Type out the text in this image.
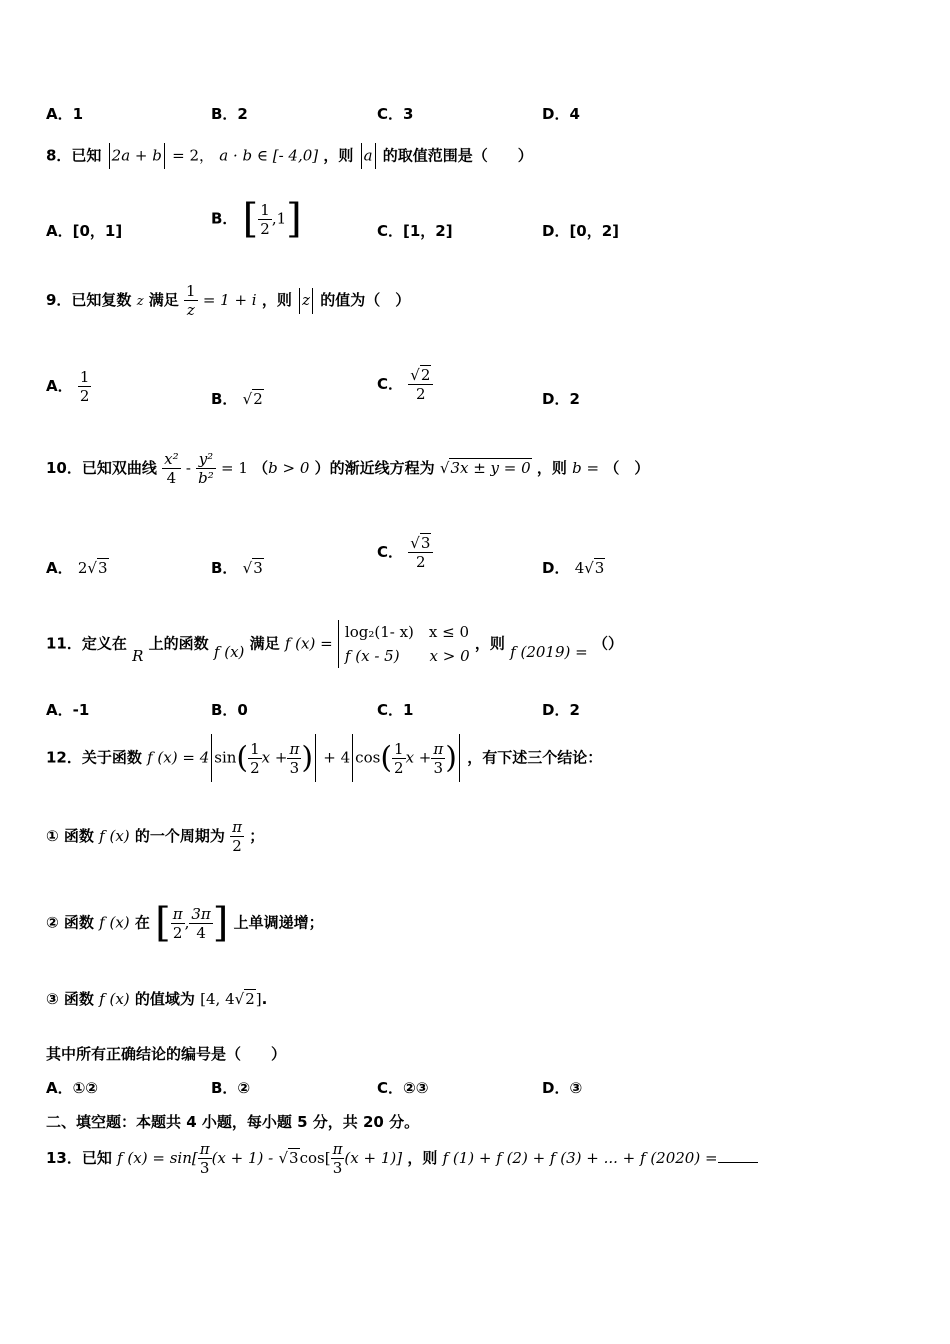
A．1	B．2	C．3	D．4
8．已知 2a + b = 2， a · b ∈ [- 4,0] ，则 a 的取值范围是（　　）
A．[0，1]
B． [ $\frac{1}{2} ,1$]	C．[1，2]	D．[0，2]
9．已知复数 z 满足 $\frac{1}{z} = 1 + i$ ，则 z 的值为（　）
A． $\frac{1}{2}$	B． √2
C． $\frac{√2}{2}$	D．2
10．已知双曲线 $\frac{\text{x²}}{4} - \frac{\text{y²}}{\text{b²}} = 1$ （b > 0 ）的渐近线方程为 √3x ± y = 0 ，则 b = （　）
A． 2√3	B． √3
C． $\frac{√3}{2}$	D． 4√3
11．定义在 R 上的函数 f (x) 满足 f (x) =
log₂(1- x)　x ≤ 0
f (x - 5)　　x > 0
，则 f (2019) = （）
A．-1	B．0	C．1	D．2
12．关于函数 f (x) = 4 $\sin( \frac{1}{2}$ $x + \frac{\pi}{3}$ ) + 4 $\cos( \frac{1}{2}$ $x + \frac{\pi}{3}$ ) ，有下述三个结论：
① 函数 f (x) 的一个周期为 $\frac{\pi}{2}$ ；
② 函数 f (x) 在 [ $\frac{\pi}{2}$ , $\frac{3\pi}{4}$ ] 上单调递增；
③ 函数 f (x) 的值域为 [4, 4√2].
其中所有正确结论的编号是（　　）
A．①②	B．②	C．②③	D．③
二、填空题：本题共 4 小题，每小题 5 分，共 20 分。
13．已知 f $(x) = \sin[ \frac{\pi}{3} (x + 1) - √3\cos[ \frac{\pi}{3} (x + 1)]$ ，则 f (1) + f (2) + f (3) + ... + f (2020) =
